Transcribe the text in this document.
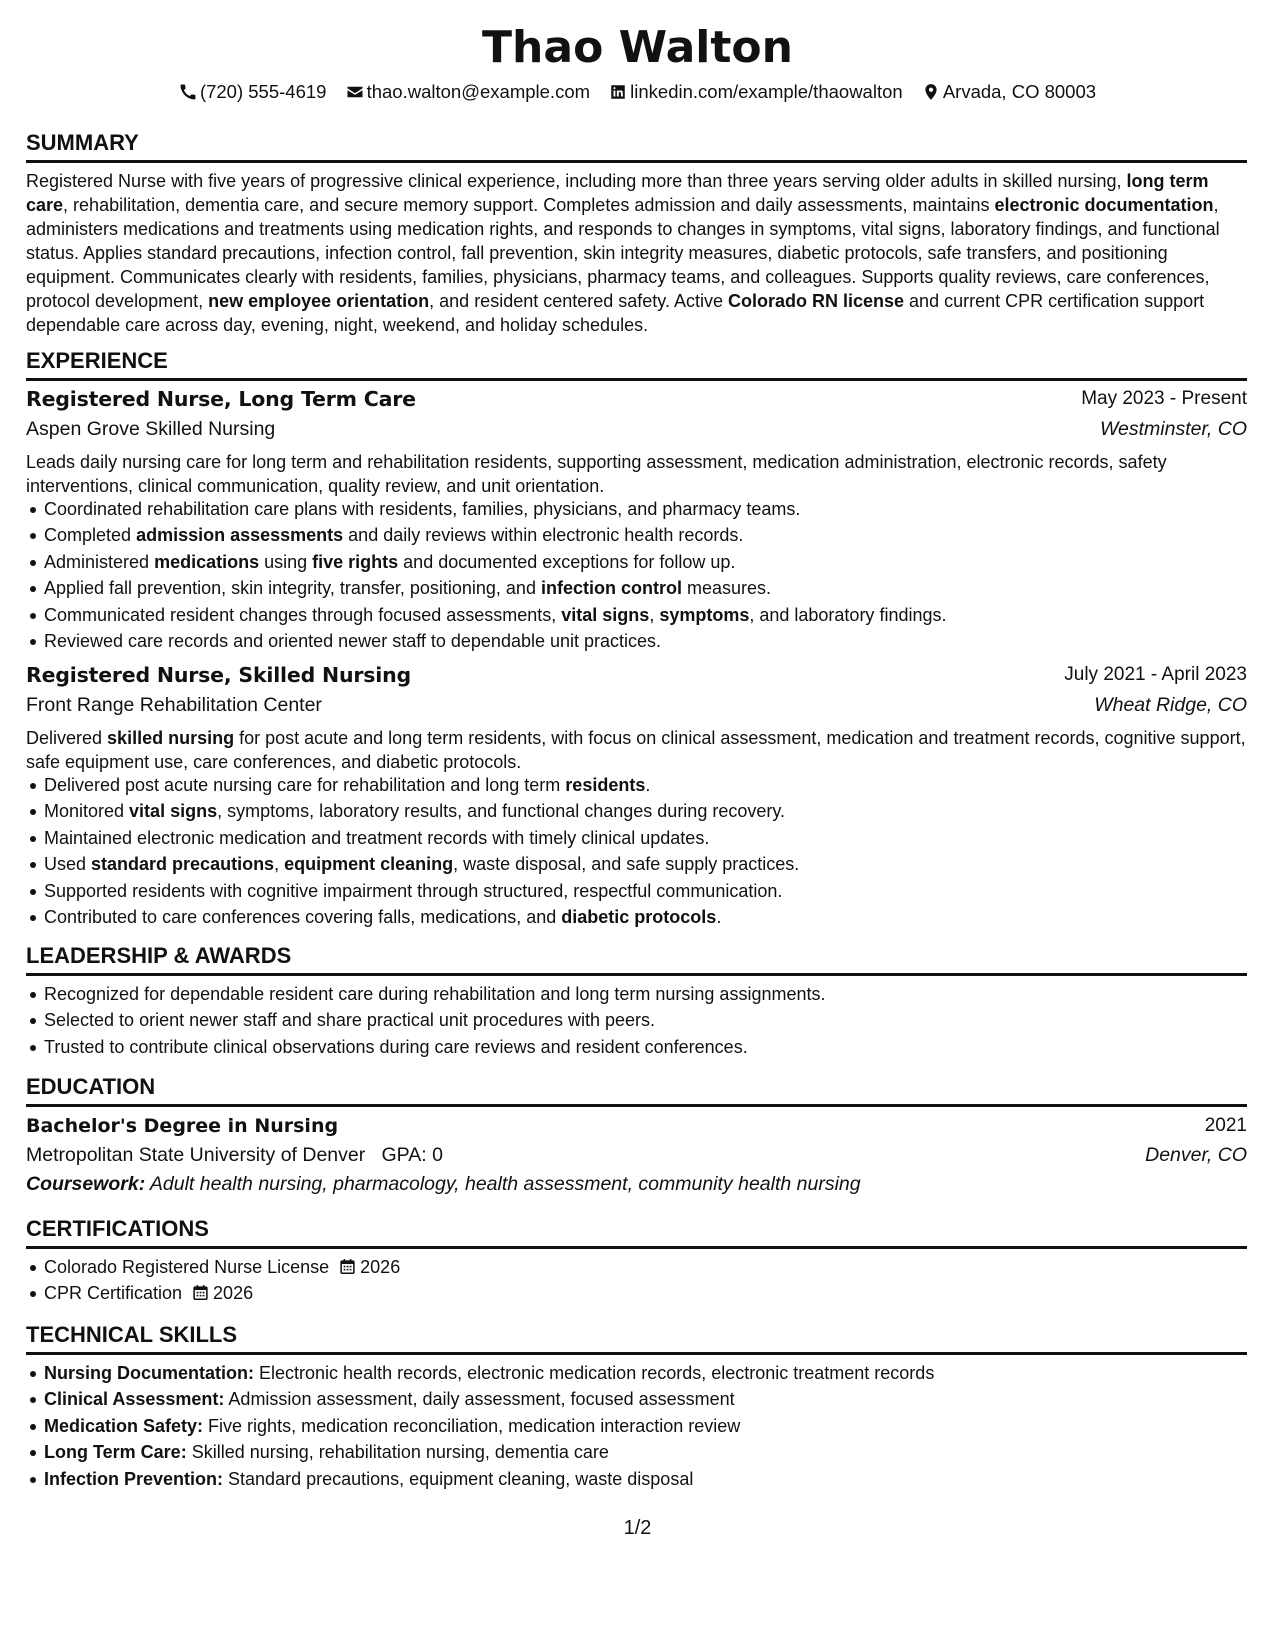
Thao Walton
(720) 555-4619 thao.walton@example.com linkedin.com/example/thaowalton Arvada, CO 80003
SUMMARY

Registered Nurse with five years of progressive clinical experience, including more than three years serving older adults in skilled nursing, long term care, rehabilitation, dementia care, and secure memory support. Completes admission and daily assessments, maintains electronic documentation, administers medications and treatments using medication rights, and responds to changes in symptoms, vital signs, laboratory findings, and functional status. Applies standard precautions, infection control, fall prevention, skin integrity measures, diabetic protocols, safe transfers, and positioning equipment. Communicates clearly with residents, families, physicians, pharmacy teams, and colleagues. Supports quality reviews, care conferences, protocol development, new employee orientation, and resident centered safety. Active Colorado RN license and current CPR certification support dependable care across day, evening, night, weekend, and holiday schedules.

EXPERIENCE
Registered Nurse, Long Term Care	May 2023 - Present
Aspen Grove Skilled Nursing	Westminster, CO

Leads daily nursing care for long term and rehabilitation residents, supporting assessment, medication administration, electronic records, safety interventions, clinical communication, quality review, and unit orientation.

Coordinated rehabilitation care plans with residents, families, physicians, and pharmacy teams.
Completed admission assessments and daily reviews within electronic health records.
Administered medications using five rights and documented exceptions for follow up.
Applied fall prevention, skin integrity, transfer, positioning, and infection control measures.
Communicated resident changes through focused assessments, vital signs, symptoms, and laboratory findings.
Reviewed care records and oriented newer staff to dependable unit practices.
Registered Nurse, Skilled Nursing	July 2021 - April 2023
Front Range Rehabilitation Center	Wheat Ridge, CO

Delivered skilled nursing for post acute and long term residents, with focus on clinical assessment, medication and treatment records, cognitive support, safe equipment use, care conferences, and diabetic protocols.

Delivered post acute nursing care for rehabilitation and long term residents.
Monitored vital signs, symptoms, laboratory results, and functional changes during recovery.
Maintained electronic medication and treatment records with timely clinical updates.
Used standard precautions, equipment cleaning, waste disposal, and safe supply practices.
Supported residents with cognitive impairment through structured, respectful communication.
Contributed to care conferences covering falls, medications, and diabetic protocols.
LEADERSHIP & AWARDS
Recognized for dependable resident care during rehabilitation and long term nursing assignments.
Selected to orient newer staff and share practical unit procedures with peers.
Trusted to contribute clinical observations during care reviews and resident conferences.
EDUCATION
Bachelor's Degree in Nursing	2021
Metropolitan State University of Denver GPA: 0	Denver, CO
Coursework: Adult health nursing, pharmacology, health assessment, community health nursing
CERTIFICATIONS
Colorado Registered Nurse License 2026
CPR Certification 2026
TECHNICAL SKILLS
Nursing Documentation: Electronic health records, electronic medication records, electronic treatment records
Clinical Assessment: Admission assessment, daily assessment, focused assessment
Medication Safety: Five rights, medication reconciliation, medication interaction review
Long Term Care: Skilled nursing, rehabilitation nursing, dementia care
Infection Prevention: Standard precautions, equipment cleaning, waste disposal
1/2
